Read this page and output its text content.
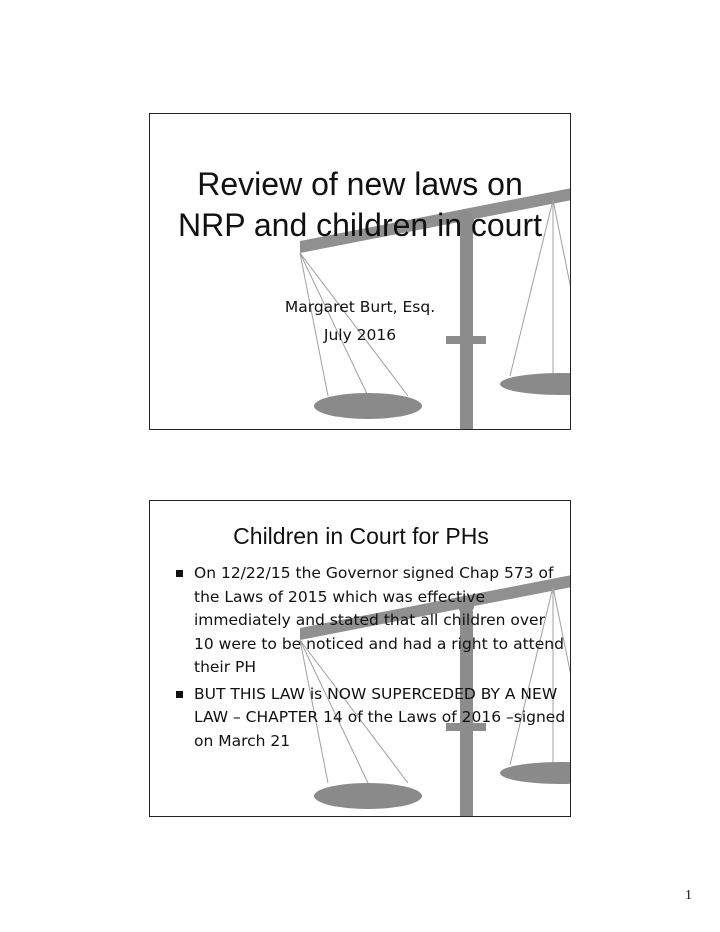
Review of new laws on NRP and children in court
Margaret Burt, Esq.
July 2016
Children in Court for PHs
On 12/22/15 the Governor signed Chap 573 of the Laws of 2015 which was effective immediately and stated that all children over 10 were to be noticed and had a right to attend their PH
BUT THIS LAW is NOW SUPERCEDED BY A NEW LAW – CHAPTER 14 of the Laws of 2016 –signed on March 21
1
